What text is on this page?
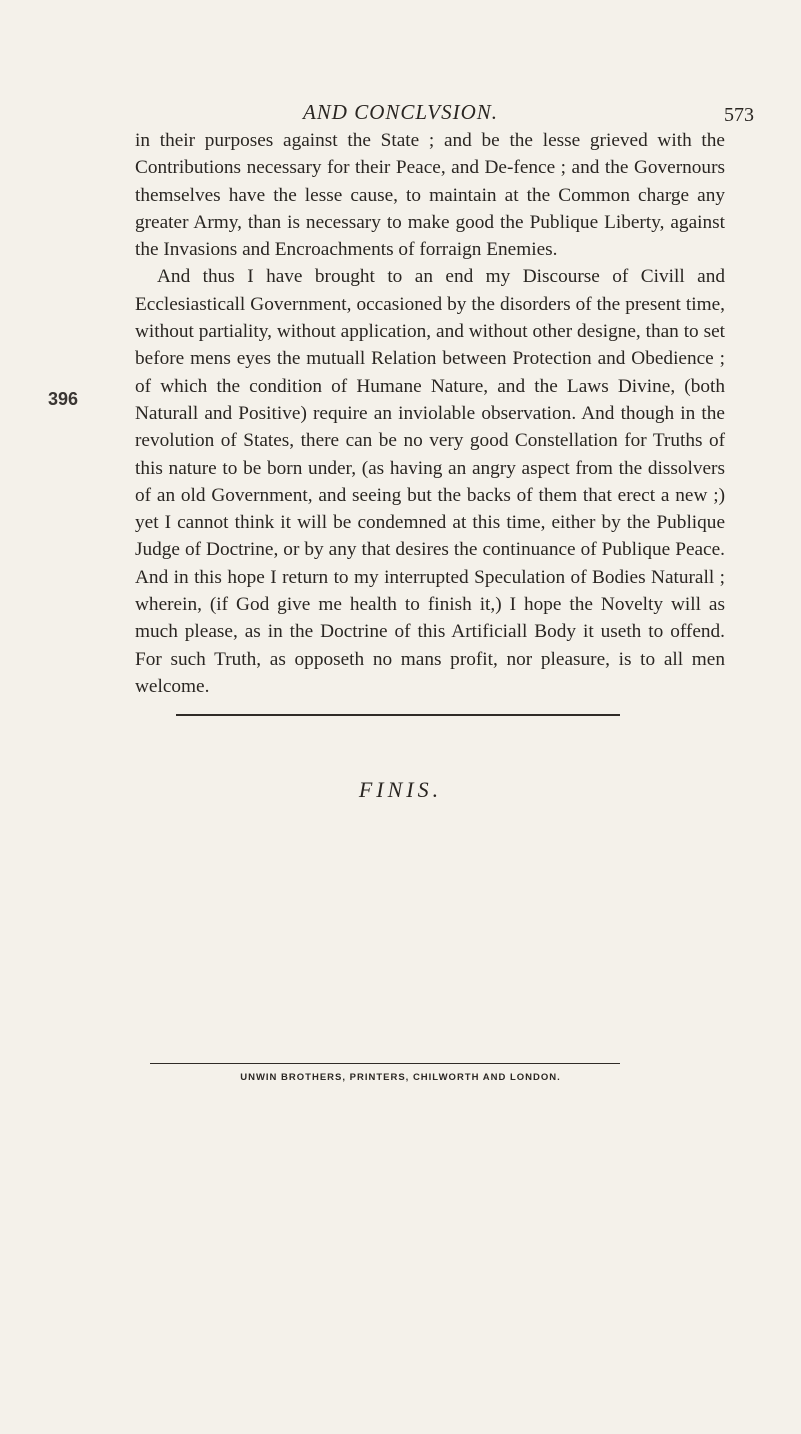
AND CONCLVSION.	573
396

in their purposes against the State ; and be the lesse grieved with the Contributions necessary for their Peace, and De-fence ; and the Governours themselves have the lesse cause, to maintain at the Common charge any greater Army, than is necessary to make good the Publique Liberty, against the Invasions and Encroachments of forraign Enemies.

And thus I have brought to an end my Discourse of Civill and Ecclesiasticall Government, occasioned by the disorders of the present time, without partiality, without application, and without other designe, than to set before mens eyes the mutuall Relation between Protection and Obedience ; of which the condition of Humane Nature, and the Laws Divine, (both Naturall and Positive) require an inviolable observation. And though in the revolution of States, there can be no very good Constellation for Truths of this nature to be born under, (as having an angry aspect from the dissolvers of an old Government, and seeing but the backs of them that erect a new ;) yet I cannot think it will be condemned at this time, either by the Publique Judge of Doctrine, or by any that desires the continuance of Publique Peace. And in this hope I return to my interrupted Speculation of Bodies Naturall ; wherein, (if God give me health to finish it,) I hope the Novelty will as much please, as in the Doctrine of this Artificiall Body it useth to offend. For such Truth, as opposeth no mans profit, nor pleasure, is to all men welcome.

FINIS.
UNWIN BROTHERS, PRINTERS, CHILWORTH AND LONDON.
